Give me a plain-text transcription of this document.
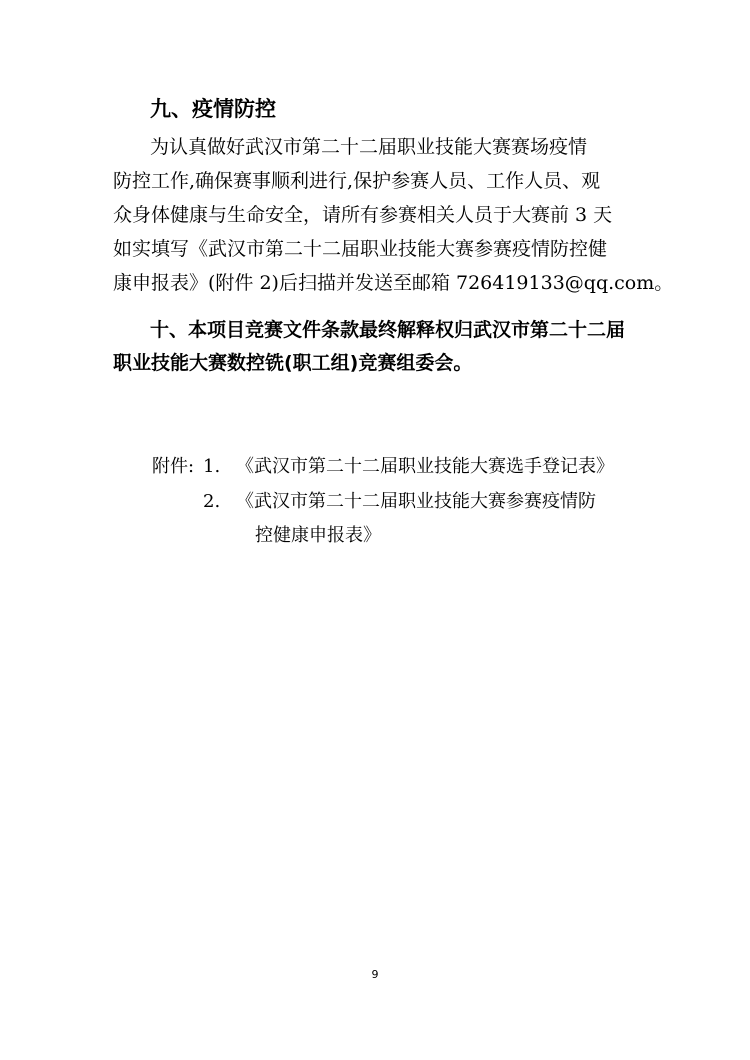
九、疫情防控
为认真做好武汉市第二十二届职业技能大赛赛场疫情
防控工作,确保赛事顺利进行,保护参赛人员、工作人员、观
众身体健康与生命安全，请所有参赛相关人员于大赛前 3 天
如实填写《武汉市第二十二届职业技能大赛参赛疫情防控健
康申报表》(附件 2)后扫描并发送至邮箱 726419133@qq.com。
十、本项目竞赛文件条款最终解释权归武汉市第二十二届
职业技能大赛数控铣(职工组)竞赛组委会。
附件: 1. 《武汉市第二十二届职业技能大赛选手登记表》
2. 《武汉市第二十二届职业技能大赛参赛疫情防
控健康申报表》
9
